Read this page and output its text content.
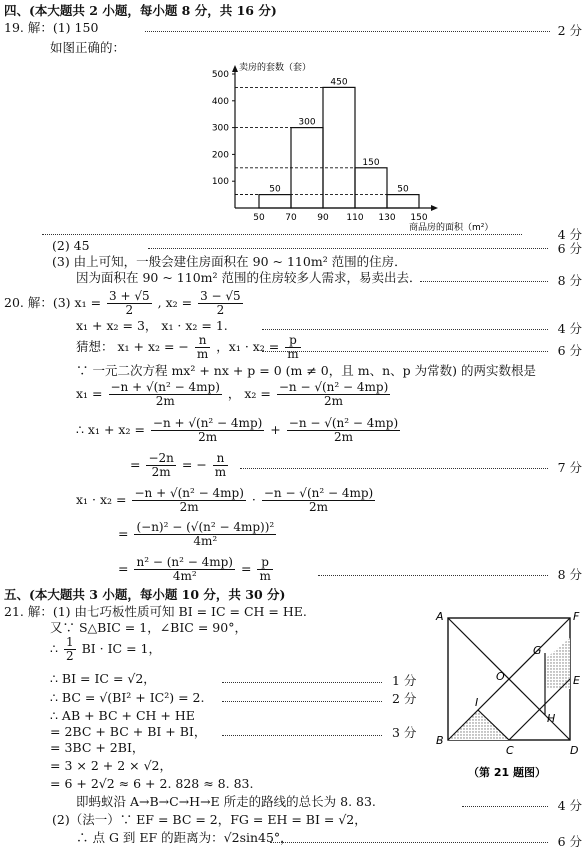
四、(本大题共 2 小题，每小题 8 分，共 16 分)
19. 解：(1) 150	2 分
如图正确的：
卖房的套数（套）
商品房的面积（m²）
100
200
300
400
500
50
300
450
150
50
50 70 90 110 130 150
4 分
(2) 45	6 分
(3) 由上可知，一般会建住房面积在 90 ~ 110m² 范围的住房．
因为面积在 90 ~ 110m² 范围的住房较多人需求，易卖出去．	8 分
20. 解：(3) $x_1 = \frac{3 + √5}{2}$ , $x_2 = \frac{3 - √5}{2}$
x₁ + x₂ = 3， x₁ · x₂ = 1.	4 分
猜想： x₁ + x₂ = − $\frac{n}{m}$ ，$x_1 \cdot x_2 = \frac{p}{m}$	6 分
∵ 一元二次方程 mx² + nx + p = 0 (m ≠ 0，且 m、n、p 为常数) 的两实数根是
$x_1 = \frac{\text{−n + √(n² − 4mp)}}{2m}$ ， $x_2 = \frac{\text{−n − √(n² − 4mp)}}{2m}$
∴ $x_1 + x_2 = \frac{\text{−n + √(n² − 4mp)}}{2m} + \frac{\text{−n − √(n² − 4mp)}}{2m}$
= $\frac{-2n}{2m}$ = − $\frac{n}{m}$	7 分
$x_1 \cdot x_2 = \frac{\text{−n + √(n² − 4mp)}}{2m} \cdot \frac{\text{−n − √(n² − 4mp)}}{2m}$
= $\frac{\text{(−n)² − (√(n² − 4mp))²}}{\text{4m²}}$
= $\frac{\text{n² − (n² − 4mp)}}{\text{4m²}} = \frac{p}{m}$	8 分
五、(本大题共 3 小题，每小题 10 分，共 30 分)
21. 解：(1) 由七巧板性质可知 BI = IC = CH = HE.
又∵ S△BIC = 1，∠BIC = 90°，
∴ $\frac{1}{2}$ BI · IC = 1，
∴ BI = IC = √2，	1 分
∴ BC = √(BI² + IC²) = 2.	2 分
∴ AB + BC + CH + HE
= 2BC + BC + BI + BI，	3 分
= 3BC + 2BI，
= 3 × 2 + 2 × √2，
= 6 + 2√2 ≈ 6 + 2. 828 ≈ 8. 83.
即蚂蚁沿 A→B→C→H→E 所走的路线的总长为 8. 83.	4 分
(2)（法一）∵ EF = BC = 2，FG = EH = BI = √2，
∴ 点 G 到 EF 的距离为：√2sin45°，	6 分
A	F
G
O	E
I
H
B
C	D
（第 21 题图）
